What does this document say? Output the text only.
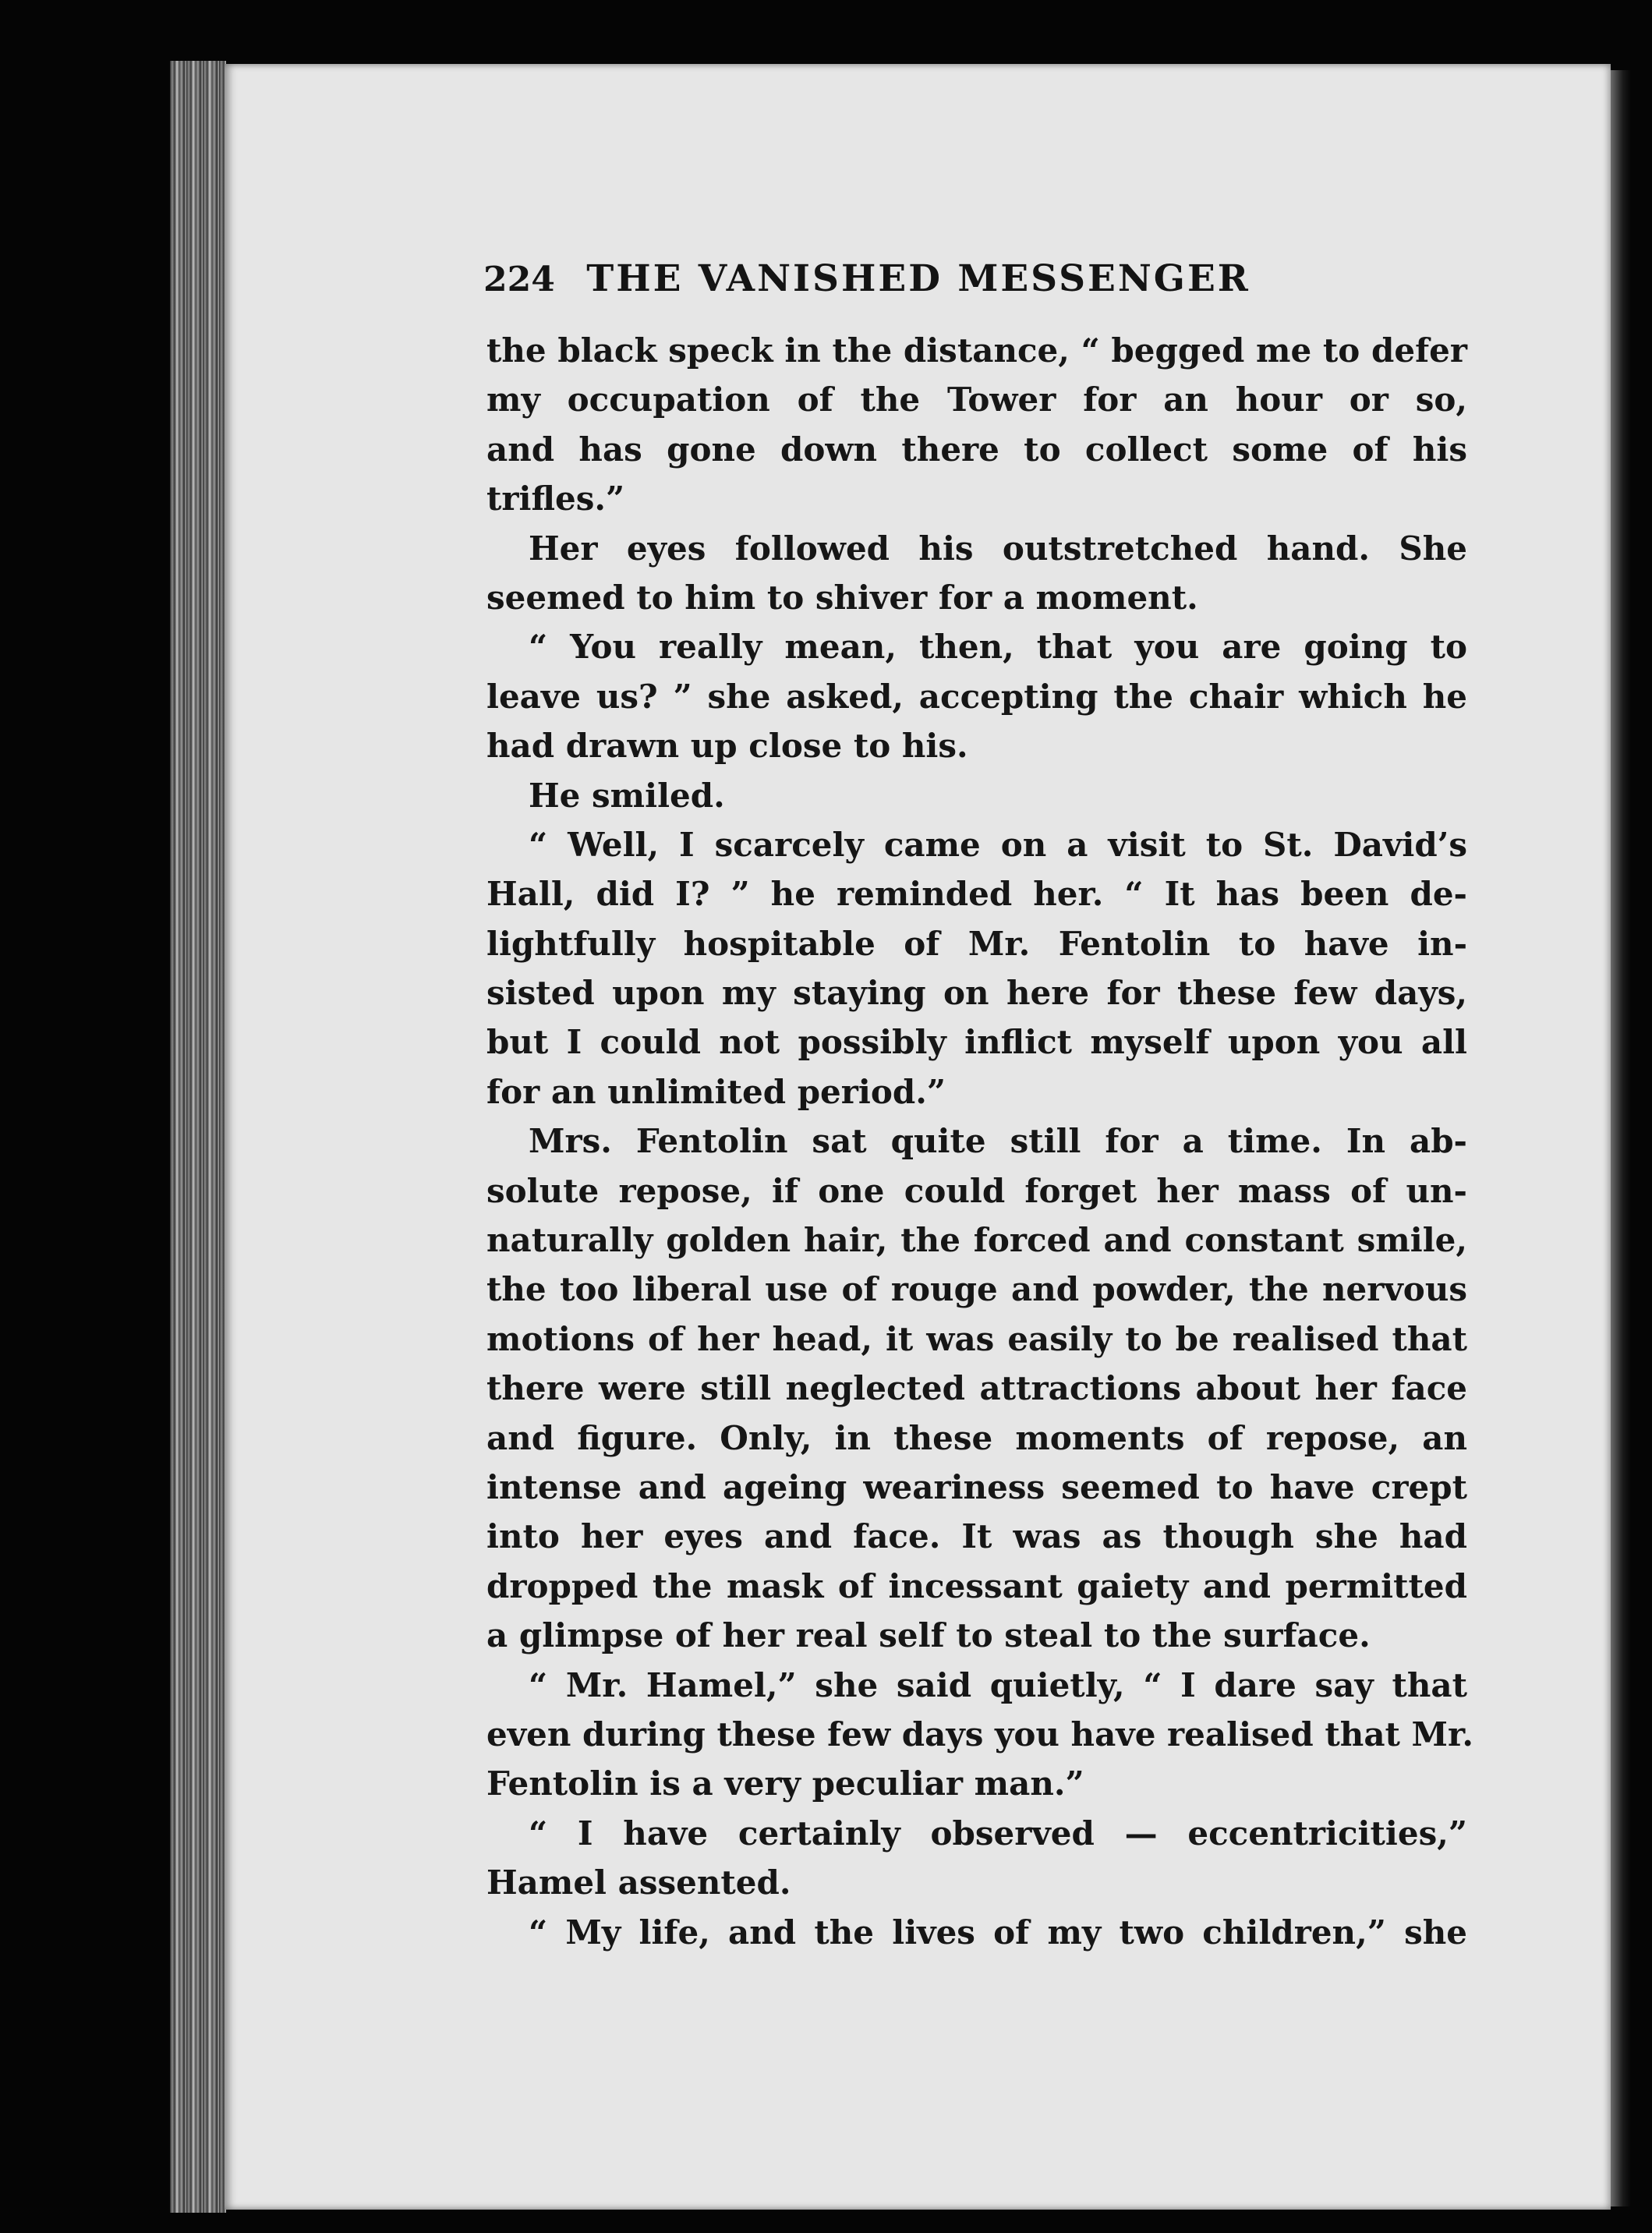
224 THE VANISHED MESSENGER
the black speck in the distance, “ begged me to defer
my occupation of the Tower for an hour or so,
and has gone down there to collect some of his
trifles.”
Her eyes followed his outstretched hand. She
seemed to him to shiver for a moment.
“ You really mean, then, that you are going to
leave us? ” she asked, accepting the chair which he
had drawn up close to his.
He smiled.
“ Well, I scarcely came on a visit to St. David’s
Hall, did I? ” he reminded her. “ It has been de-
lightfully hospitable of Mr. Fentolin to have in-
sisted upon my staying on here for these few days,
but I could not possibly inflict myself upon you all
for an unlimited period.”
Mrs. Fentolin sat quite still for a time. In ab-
solute repose, if one could forget her mass of un-
naturally golden hair, the forced and constant smile,
the too liberal use of rouge and powder, the nervous
motions of her head, it was easily to be realised that
there were still neglected attractions about her face
and figure. Only, in these moments of repose, an
intense and ageing weariness seemed to have crept
into her eyes and face. It was as though she had
dropped the mask of incessant gaiety and permitted
a glimpse of her real self to steal to the surface.
“ Mr. Hamel,” she said quietly, “ I dare say that
even during these few days you have realised that Mr.
Fentolin is a very peculiar man.”
“ I have certainly observed — eccentricities,”
Hamel assented.
“ My life, and the lives of my two children,” she
